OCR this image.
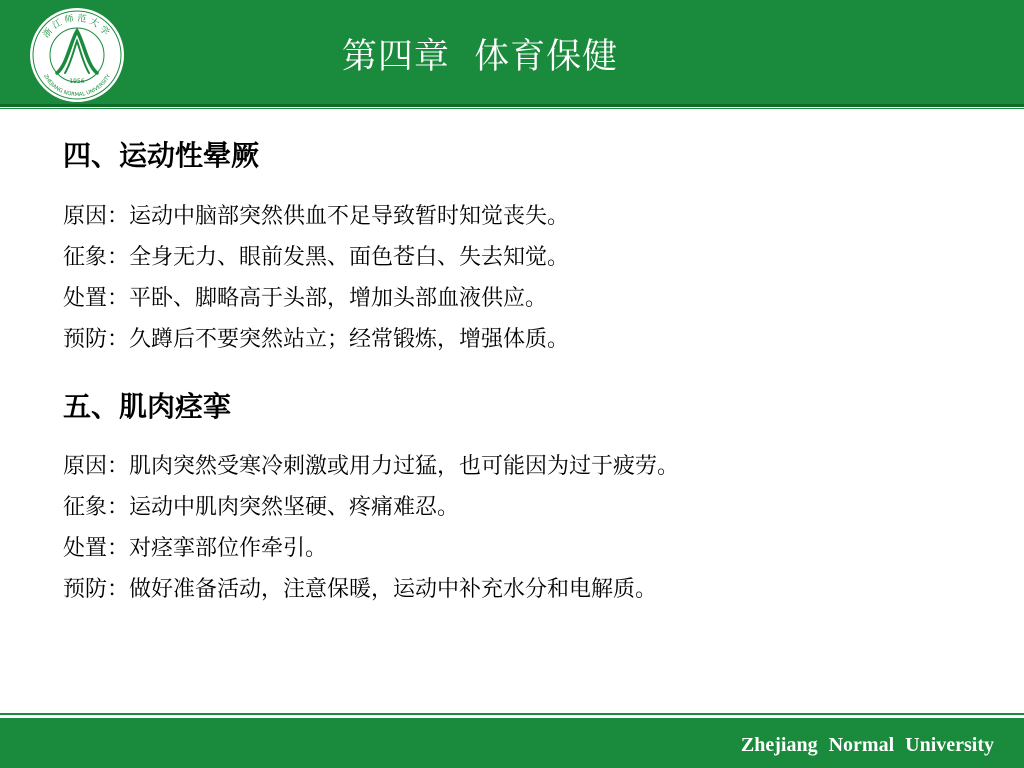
浙江师范大学
ZHEJIANG NORMAL UNIVERSITY
1956
第四章  体育保健
四、运动性晕厥
原因：运动中脑部突然供血不足导致暂时知觉丧失。
征象：全身无力、眼前发黑、面色苍白、失去知觉。
处置：平卧、脚略高于头部，增加头部血液供应。
预防：久蹲后不要突然站立；经常锻炼，增强体质。
五、肌肉痉挛
原因：肌肉突然受寒冷刺激或用力过猛，也可能因为过于疲劳。
征象：运动中肌肉突然坚硬、疼痛难忍。
处置：对痉挛部位作牵引。
预防：做好准备活动，注意保暖，运动中补充水分和电解质。
Zhejiang Normal University
